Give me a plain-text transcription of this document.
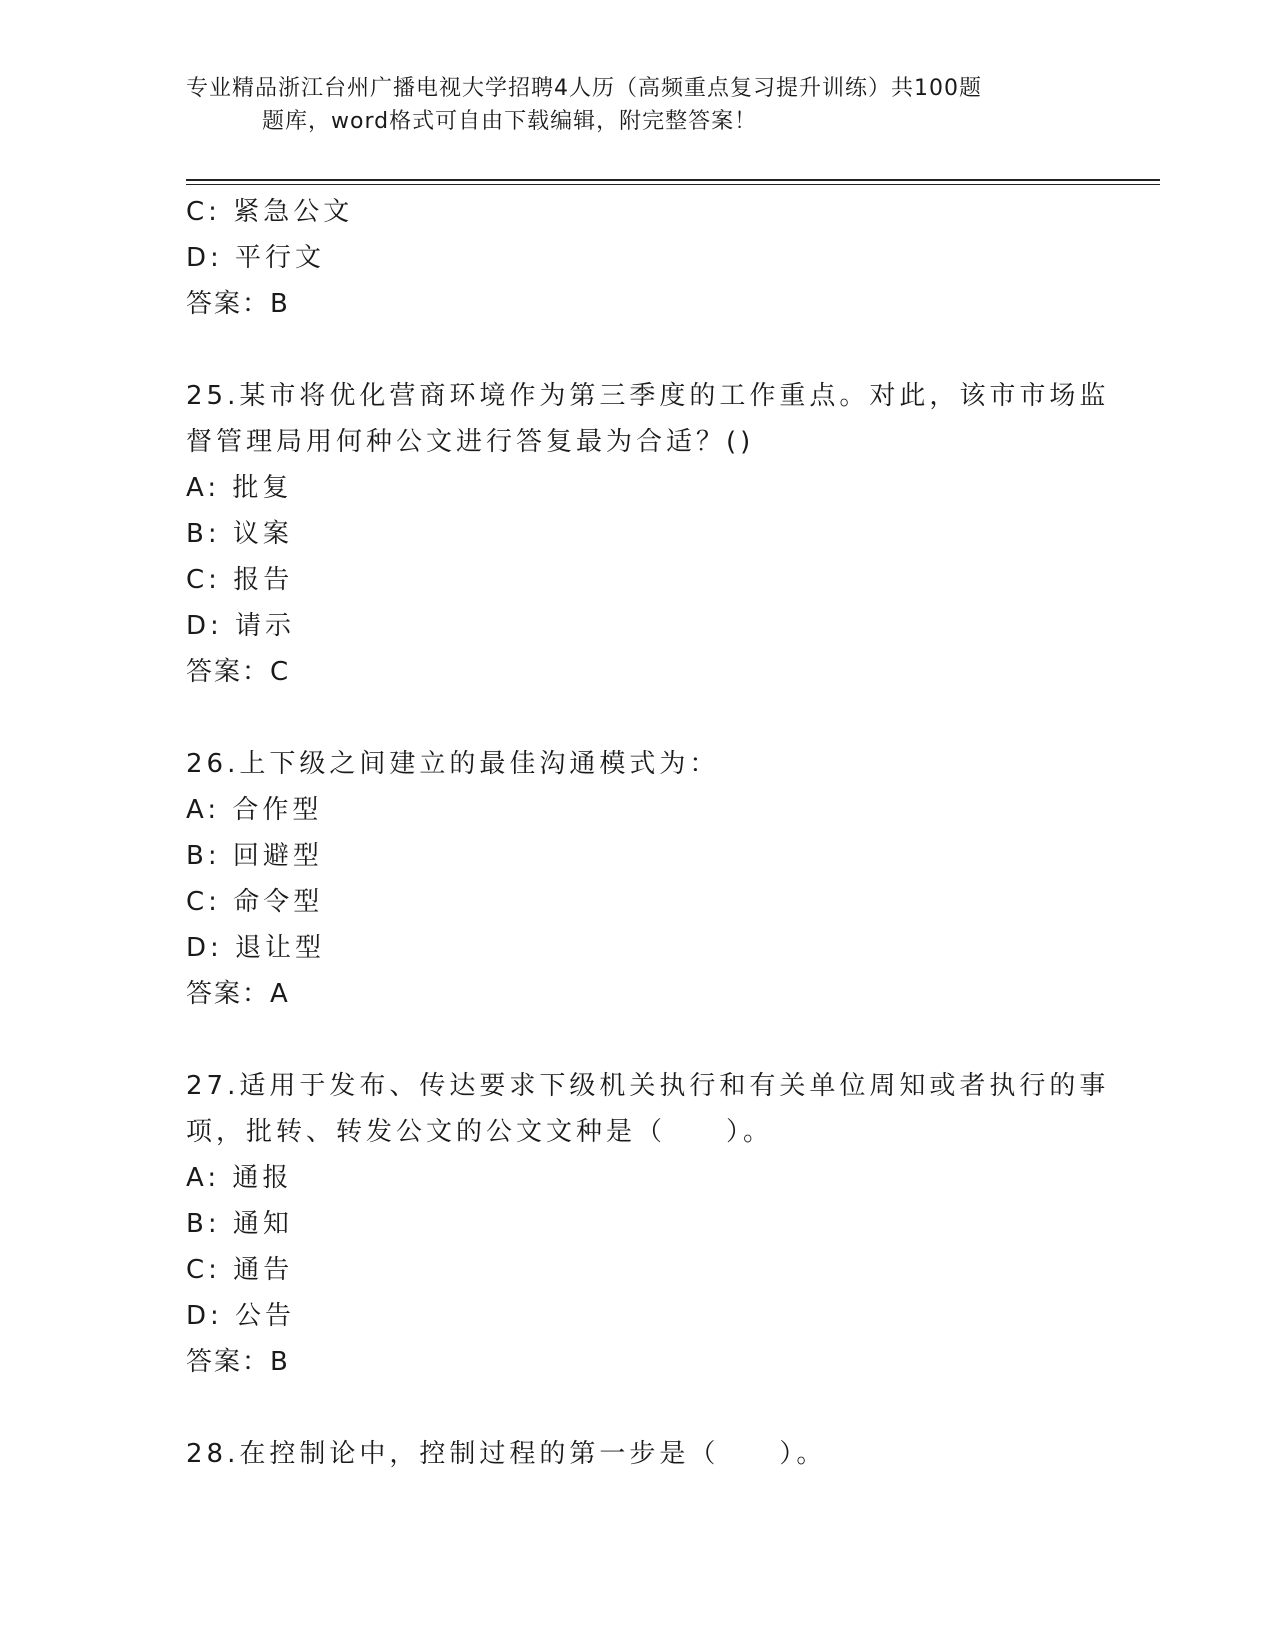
专业精品浙江台州广播电视大学招聘4人历（高频重点复习提升训练）共100题
题库，word格式可自由下载编辑，附完整答案！
C: 紧急公文
D: 平行文
答案：B
25.某市将优化营商环境作为第三季度的工作重点。对此，该市市场监
督管理局用何种公文进行答复最为合适？()
A: 批复
B: 议案
C: 报告
D: 请示
答案：C
26.上下级之间建立的最佳沟通模式为：
A: 合作型
B: 回避型
C: 命令型
D: 退让型
答案：A
27.适用于发布、传达要求下级机关执行和有关单位周知或者执行的事
项，批转、转发公文的公文文种是（　　）。
A: 通报
B: 通知
C: 通告
D: 公告
答案：B
28.在控制论中，控制过程的第一步是（　　）。
